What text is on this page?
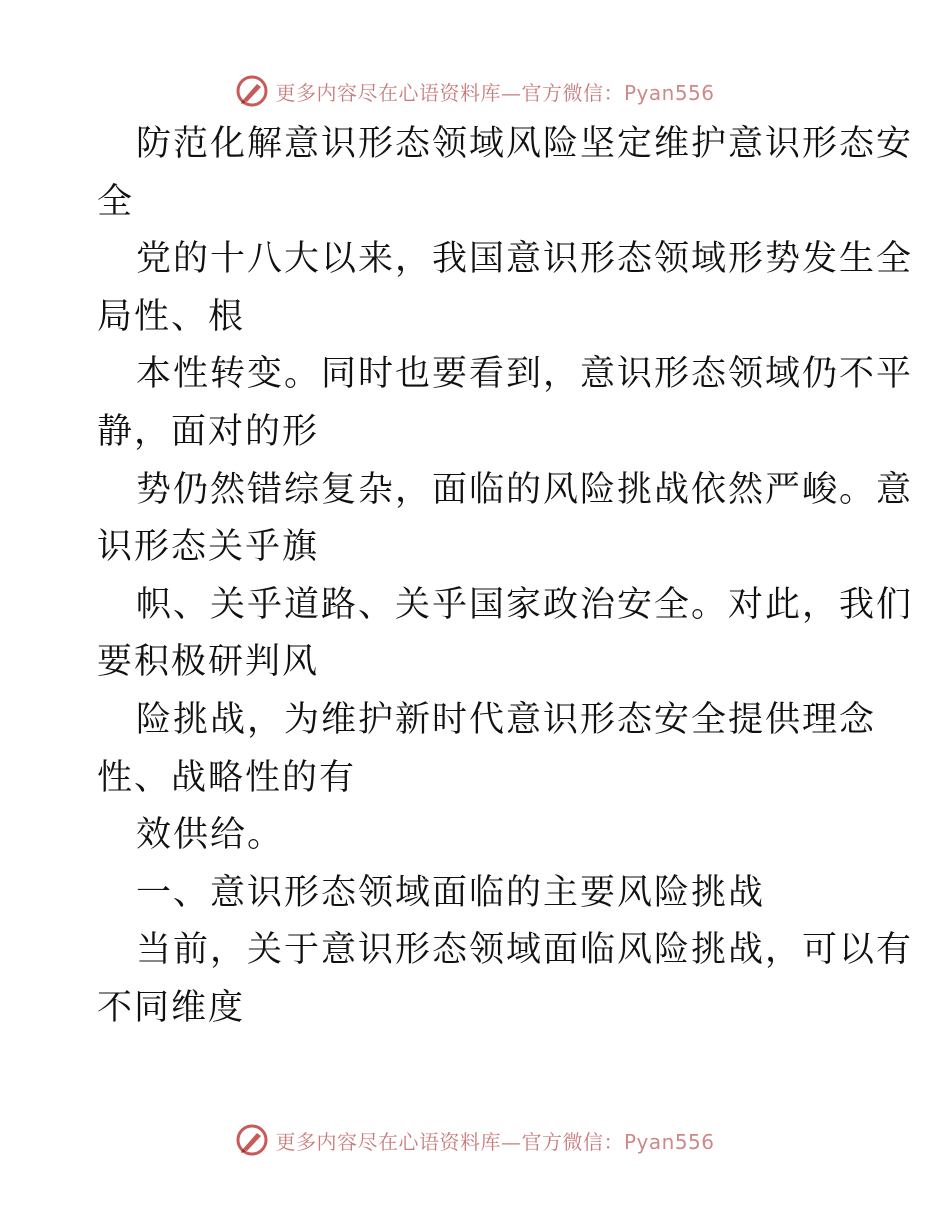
更多内容尽在心语资料库—官方微信：Pyan556
防范化解意识形态领域风险坚定维护意识形态安
全
党的十八大以来，我国意识形态领域形势发生全
局性、根
本性转变。同时也要看到，意识形态领域仍不平
静，面对的形
势仍然错综复杂，面临的风险挑战依然严峻。意
识形态关乎旗
帜、关乎道路、关乎国家政治安全。对此，我们
要积极研判风
险挑战，为维护新时代意识形态安全提供理念
性、战略性的有
效供给。
一、意识形态领域面临的主要风险挑战
当前，关于意识形态领域面临风险挑战，可以有
不同维度
更多内容尽在心语资料库—官方微信：Pyan556
